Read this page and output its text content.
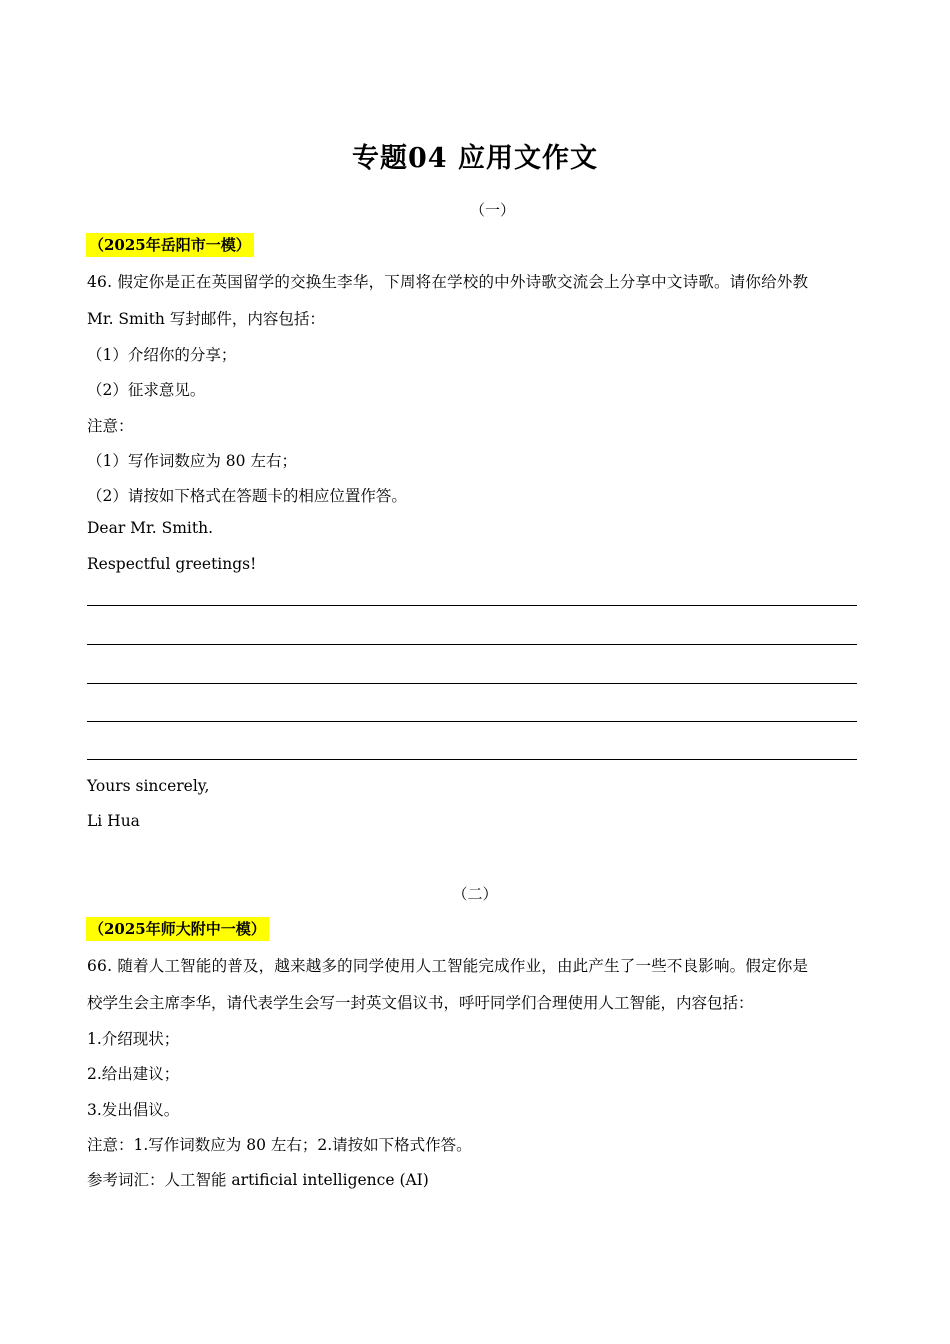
专题04 应用文作文
（一）
（2025年岳阳市一模）
46. 假定你是正在英国留学的交换生李华，下周将在学校的中外诗歌交流会上分享中文诗歌。请你给外教
Mr. Smith 写封邮件，内容包括：
（1）介绍你的分享；
（2）征求意见。
注意：
（1）写作词数应为 80 左右；
（2）请按如下格式在答题卡的相应位置作答。
Dear Mr. Smith.
Respectful greetings!
Yours sincerely,
Li Hua
（二）
（2025年师大附中一模）
66. 随着人工智能的普及，越来越多的同学使用人工智能完成作业，由此产生了一些不良影响。假定你是
校学生会主席李华，请代表学生会写一封英文倡议书，呼吁同学们合理使用人工智能，内容包括：
1.介绍现状；
2.给出建议；
3.发出倡议。
注意：1.写作词数应为 80 左右；2.请按如下格式作答。
参考词汇：人工智能 artificial intelligence (AI)
